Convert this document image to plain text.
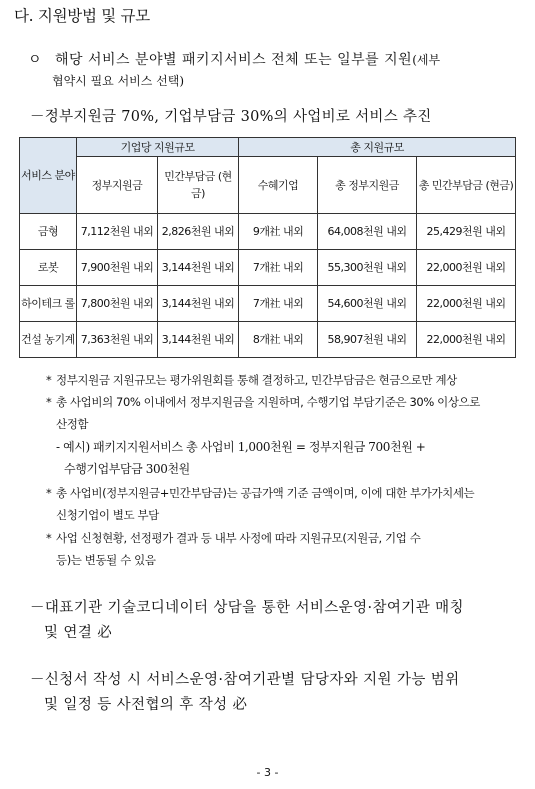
다. 지원방법 및 규모
ㅇ 해당 서비스 분야별 패키지서비스 전체 또는 일부를 지원(세부
협약시 필요 서비스 선택)
－정부지원금 70%, 기업부담금 30%의 사업비로 서비스 추진
서비스 분야	기업당 지원규모		총 지원규모		
	정부지원금	민간부담금 (현금)	수혜기업	총 정부지원금	총 민간부담금 (현금)
금형	7,112천원 내외	2,826천원 내외	9개社 내외	64,008천원 내외	25,429천원 내외
로봇	7,900천원 내외	3,144천원 내외	7개社 내외	55,300천원 내외	22,000천원 내외
하이테크 롤	7,800천원 내외	3,144천원 내외	7개社 내외	54,600천원 내외	22,000천원 내외
건설 농기계	7,363천원 내외	3,144천원 내외	8개社 내외	58,907천원 내외	22,000천원 내외
* 정부지원금 지원규모는 평가위원회를 통해 결정하고, 민간부담금은 현금으로만 계상
* 총 사업비의 70% 이내에서 정부지원금을 지원하며, 수행기업 부담기준은 30% 이상으로
산정함
- 예시) 패키지지원서비스 총 사업비 1,000천원 = 정부지원금 700천원 +
수행기업부담금 300천원
* 총 사업비(정부지원금+민간부담금)는 공급가액 기준 금액이며, 이에 대한 부가가치세는
신청기업이 별도 부담
* 사업 신청현황, 선정평가 결과 등 내부 사정에 따라 지원규모(지원금, 기업 수
등)는 변동될 수 있음
－대표기관 기술코디네이터 상담을 통한 서비스운영·참여기관 매칭
및 연결 必
－신청서 작성 시 서비스운영·참여기관별 담당자와 지원 가능 범위
및 일정 등 사전협의 후 작성 必
- 3 -
